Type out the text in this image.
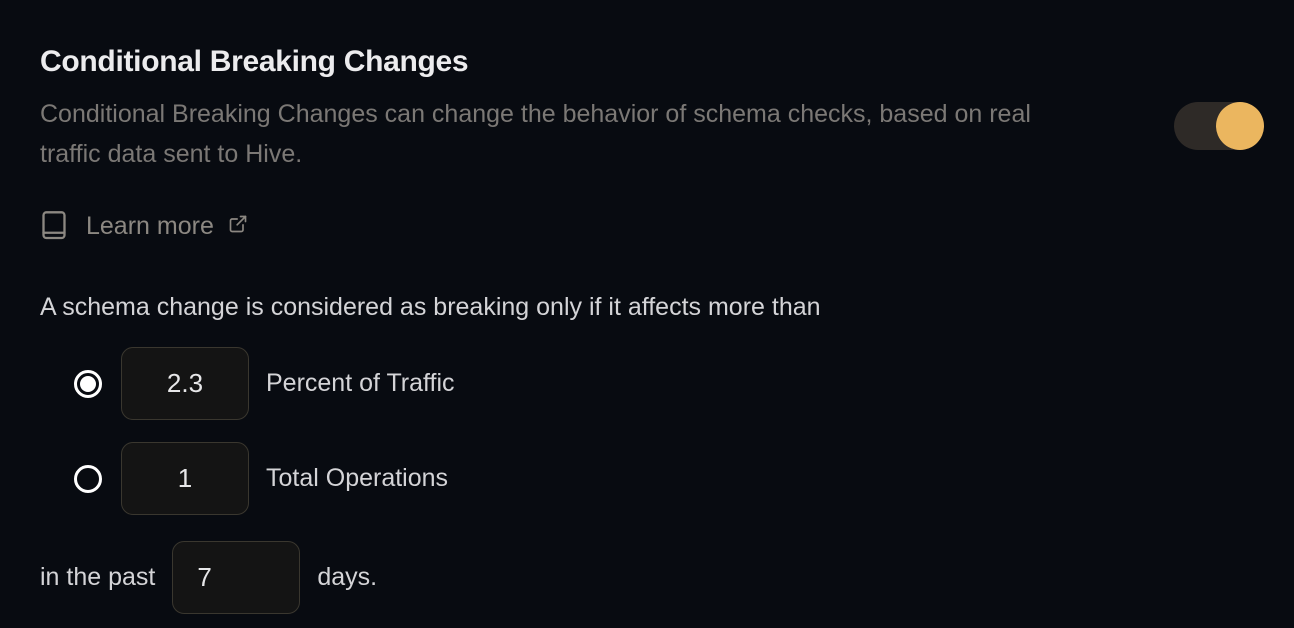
Conditional Breaking Changes
Conditional Breaking Changes can change the behavior of schema checks, based on real
traffic data sent to Hive.
Learn more

A schema change is considered as breaking only if it affects more than

2.3
Percent of Traffic
1
Total Operations
in the past
7	days.
